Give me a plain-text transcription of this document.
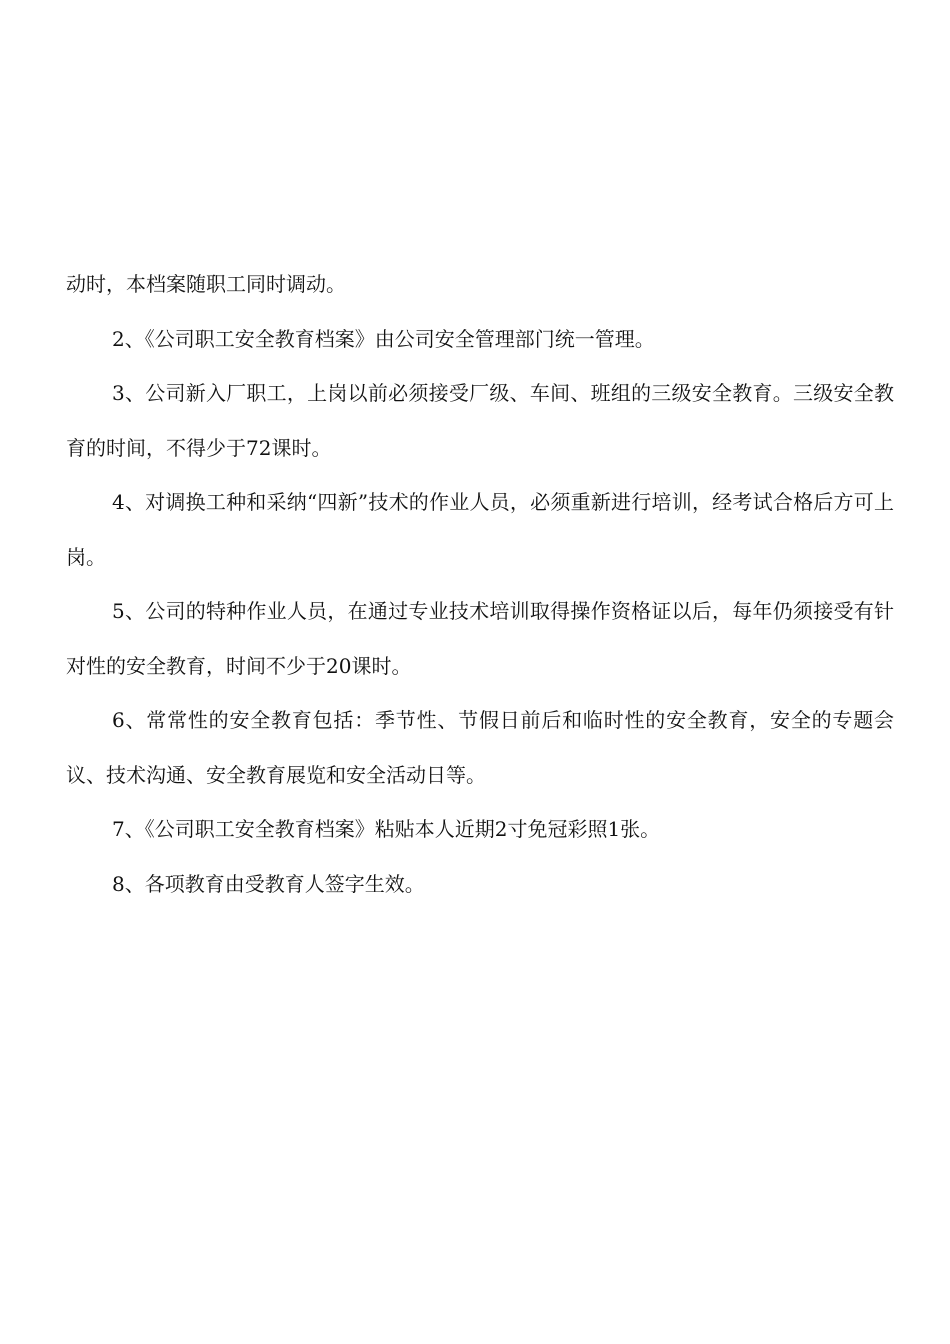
动时，本档案随职工同时调动。

2、《公司职工安全教育档案》由公司安全管理部门统一管理。

3、公司新入厂职工，上岗以前必须接受厂级、车间、班组的三级安全教育。三级安全教育的时间，不得少于72课时。

4、对调换工种和采纳“四新”技术的作业人员，必须重新进行培训，经考试合格后方可上岗。

5、公司的特种作业人员，在通过专业技术培训取得操作资格证以后，每年仍须接受有针对性的安全教育，时间不少于20课时。

6、常常性的安全教育包括：季节性、节假日前后和临时性的安全教育，安全的专题会议、技术沟通、安全教育展览和安全活动日等。

7、《公司职工安全教育档案》粘贴本人近期2寸免冠彩照1张。

8、各项教育由受教育人签字生效。
